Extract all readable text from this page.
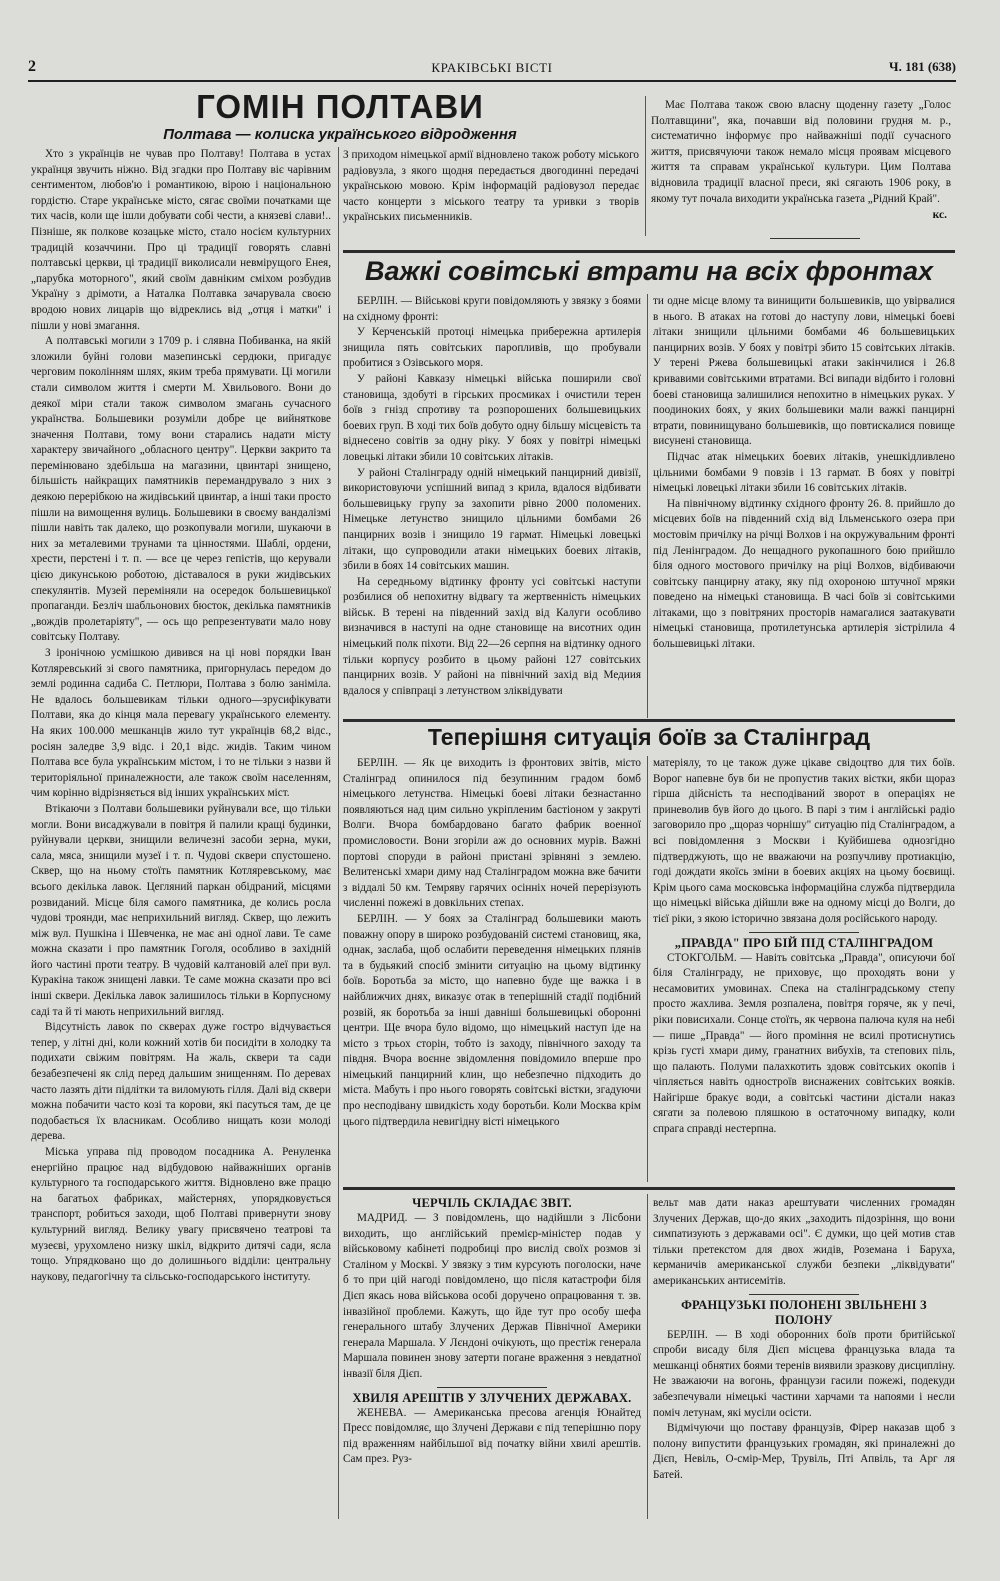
2	КРАКІВСЬКІ ВІСТІ	Ч. 181 (638)
ГОМІН ПОЛТАВИ
Полтава — колиска українського відродження

Хто з українців не чував про Полтаву! Полтава в устах українця звучить ніжно. Від згадки про Полтаву віє чарівним сентиментом, любов'ю і романтикою, вірою і національною гордістю. Старе українське місто, сягає своїми початками ще тих часів, коли ще ішли добувати собі чести, а князеві слави!.. Пізніше, як полкове козацьке місто, стало носієм культурних традицій козаччини. Про ці традиції говорять славні полтавські церкви, ці традиції виколисали невмірущого Енея, „парубка моторного", який своїм давніким сміхом розбудив Україну з дрімоти, а Наталка Полтавка зачарувала своєю вродою нових лицарів що відреклись від „отця і матки" і пішли у нові змагання.

А полтавські могили з 1709 р. і слявна Побиванка, на якій зложили буйні голови мазепинські сердюки, пригадує черговим поколінням шлях, яким треба прямувати. Ці могили стали символом життя і смерти М. Хвильового. Вони до деякої міри стали також символом змагань сучасного українства. Большевики розуміли добре це вийняткове значення Полтави, тому вони старались надати місту характеру звичайного „обласного центру". Церкви закрито та перемінювано здебільша на магазини, цвинтарі знищено, більшість найкращих памятників перемандрувало з них з деякою перерібкою на жидівський цвинтар, а інші таки просто пішли на вимощення вулиць. Большевики в своєму вандалізмі пішли навіть так далеко, що розкопували могили, шукаючи в них за металевими трунами та цінностями. Шаблі, ордени, хрести, перстені і т. п. — все це через гепістів, що керували цією дикунською роботою, діставалося в руки жидівських спекулянтів. Музей переміняли на осередок большевицької пропаганди. Безліч шабльонових бюсток, декілька памятників „вождів пролетаріяту", — ось що репрезентувати мало нову совітську Полтаву.

З іронічною усмішкою дивився на ці нові порядки Іван Котляревський зі свого памятника, пригорнулась передом до землі родинна садиба С. Петлюри, Полтава з болю заніміла. Не вдалось большевикам тільки одного—зрусифікувати Полтави, яка до кінця мала перевагу українського елементу. На яких 100.000 мешканців жило тут українців 68,2 відс., росіян заледве 3,9 відс. і 20,1 відс. жидів. Таким чином Полтава все була українським містом, і то не тільки з назви й територіяльної приналежности, але також своїм населенням, чим корінно відрізняється від інших українських міст.

Втікаючи з Полтави большевики руйнували все, що тільки могли. Вони висаджували в повітря й палили кращі будинки, руйнували церкви, знищили величезні засоби зерна, муки, сала, мяса, знищили музеї і т. п. Чудові сквери спустошено. Сквер, що на ньому стоїть памятник Котляревському, має всього декілька лавок. Цегляний паркан обідраний, місцями розвиданий. Місце біля самого памятника, де колись росла чудові троянди, має неприхильний вигляд. Сквер, що лежить між вул. Пушкіна і Шевченка, не має ані одної лави. Те саме можна сказати і про памятник Гоголя, особливо в західній його частині проти театру. В чудовій калтановій алеї при вул. Куракіна також знищені лавки. Те саме можна сказати про всі інші сквери. Декілька лавок залишилось тільки в Корпусному саді та й ті мають неприхильний вигляд.

Відсутність лавок по скверах дуже гостро відчувається тепер, у літні дні, коли кожний хотів би посидіти в холодку та подихати свіжим повітрям. На жаль, сквери та сади безабезпечені як слід перед дальшим знищенням. По деревах часто лазять діти підлітки та виломують гілля. Далі від сквери можна побачити часто козі та корови, які пасуться там, де це подобається їх власникам. Особливо нищать кози молоді дерева.

Міська управа під проводом посадника А. Ренуленка енергійно працює над відбудовою найважніших органів культурного та господарського життя. Відновлено вже працю на багатьох фабриках, майстернях, упорядковується транспорт, робиться заходи, щоб Полтаві привернути знову культурний вигляд. Велику увагу присвячено театрові та музеєві, урухомлено низку шкіл, відкрито дитячі сади, ясла тощо. Упрядковано що до долишнього відділи: центральну наукову, педагогічну та сільсько-господарського інституту.

З приходом німецької армії відновлено також роботу міського радіовузла, з якого щодня передається двогодинні передачі українською мовою. Крім інформацій радіовузол передає часто концерти з міського театру та уривки з творів українських письменників.

Має Полтава також свою власну щоденну газету „Голос Полтавщини", яка, почавши від половини грудня м. р., систематично інформує про найважніші події сучасного життя, присвячуючи також немало місця проявам місцевого життя та справам української культури. Цим Полтава відновила традиції власної преси, які сягають 1906 року, в якому тут почала виходити українська газета „Рідний Край".

кс.
Важкі совітські втрати на всіх фронтах

БЕРЛІН. — Військові круги повідомляють у звязку з боями на східному фронті:

У Керченській протоці німецька прибережна артилерія знищила пять совітських паропливів, що пробували пробитися з Озівського моря.

У районі Кавказу німецькі війська поширили свої становища, здобуті в гірських просмиках і очистили терен боїв з гнізд спротиву та розпорошених большевицьких боевих груп. В ході тих боїв добуто одну більшу місцевість та віднесено совітів за одну ріку. У боях у повітрі німецькі ловецькі літаки збили 10 совітських літаків.

У районі Сталінграду одній німецький панцирний дивізії, використовуючи успішний випад з крила, вдалося відбивати большевицьку групу за захопити рівно 2000 поломених. Німецьке летунство знищило цільними бомбами 26 панцирних возів і знищило 19 гармат. Німецькі ловецькі літаки, що супроводили атаки німецьких боевих літаків, збили в боях 14 совітських машин.

На середньому відтинку фронту усі совітські наступи розбилися об непохитну відвагу та жертвенність німецьких військ. В терені на південний захід від Калуги особливо визначився в наступі на одне становище на висотних один німецький полк піхоти. Від 22—26 серпня на відтинку одного тільки корпусу розбито в цьому районі 127 совітських панцирних возів. У районі на північний захід від Медиия вдалося у співпраці з летунством зліквідувати

ти одне місце влому та винищити большевиків, що увірвалися в нього. В атаках на готові до наступу лови, німецькі боеві літаки знищили цільними бомбами 46 большевицьких панцирних возів. У боях у повітрі збито 15 совітських літаків. У терені Ржева большевицькі атаки закінчилися і 26.8 кривавими совітськими втратами. Всі випади відбито і головні боеві становища залишилися непохитно в німецьких руках. У поодиноких боях, у яких большевики мали важкі панцирні втрати, повинищувано большевиків, що повтискалися повище висунені становища.

Підчас атак німецьких боевих літаків, унешкідливлено цільними бомбами 9 повзів і 13 гармат. В боях у повітрі німецькі ловецькі літаки збили 16 совітських літаків.

На північному відтинку східного фронту 26. 8. прийшло до місцевих боїв на південний схід від Ільменського озера при мостовім причілку на річці Волхов і на окружувальним фронті під Ленінградом. До нещадного рукопашного бою прийшло біля одного мостового причілку на ріці Волхов, відбиваючи совітську панцирну атаку, яку під охороною штучної мряки поведено на німецькі становища. В часі боїв зі совітськими літаками, що з повітряних просторів намагалися заатакувати німецькі становища, протилетунська артилерія зістрілила 4 большевицькі літаки.

Теперішня ситуація боїв за Сталінград

БЕРЛІН. — Як це виходить із фронтових звітів, місто Сталінград опинилося під безупинним градом бомб німецького летунства. Німецькі боеві літаки безнастанно появляються над цим сильно укріпленим бастіоном у закруті Волги. Вчора бомбардовано багато фабрик военної промисловости. Вони згоріли аж до основних мурів. Важні портові споруди в районі пристані зрівняні з землею. Велитенські хмари диму над Сталінградом можна вже бачити з віддалі 50 км. Темряву гарячих осінніх ночей перерізують численні пожежі в довкільних степах.

БЕРЛІН. — У боях за Сталінград большевики мають поважну опору в широко розбудованій системі становищ, яка, однак, заслаба, щоб ослабити переведення німецьких плянів та в будьякий спосіб змінити ситуацію на цьому відтинку боїв. Боротьба за місто, що напевно буде ще важка і в найближчих днях, виказує отак в теперішній стадії подібний розвій, як боротьба за інші давніші большевицькі оборонні центри. Ще вчора було відомо, що німецький наступ іде на місто з трьох сторін, тобто із заходу, північного заходу та півдня. Вчора воєнне звідомлення повідомило вперше про німецький панцирний клин, що небезпечно підходить до міста. Мабуть і про нього говорять совітські вістки, згадуючи про несподівану швидкість ходу боротьби. Коли Москва крім цього підтвердила невигідну вісті німецького

матеріялу, то це також дуже цікаве свідоцтво для тих боїв. Ворог напевне був би не пропустив таких вістки, якби щораз гірша дійсність та несподіваний зворот в операціях не приневолив був його до цього. В парі з тим і англійські радіо заговорило про „щораз чорнішу" ситуацію під Сталінградом, а всі повідомлення з Москви і Куйбишева однозгідно підтверджують, що не вважаючи на розпучливу протиакцію, годі дождати якоїсь зміни в боевих акціях на цьому боєвищі. Крім цього сама московська інформаційна служба підтвердила що німецькі війська дійшли вже на одному місці до Волги, до тієї ріки, з якою історично звязана доля російського народу.

„ПРАВДА" ПРО БІЙ ПІД СТАЛІНГРАДОМ

СТОКГОЛЬМ. — Навіть совітська „Правда", описуючи бої біля Сталінграду, не приховує, що проходять вони у несамовитих умовинах. Спека на сталінградському степу просто жахлива. Земля розпалена, повітря горяче, як у печі, ріки повисихали. Сонце стоїть, як червона палюча куля на небі — пише „Правда" — його проміння не всилі протиснутись крізь густі хмари диму, гранатних вибухів, та степових піль, що палають. Полуми палахкотить здовж совітських окопів і чіпляється навіть одностроїв виснажених совітських вояків. Найгірше бракує води, а совітські частини дістали наказ сягати за полевою пляшкою в остаточному випадку, коли спрага справді нестерпна.

ЧЕРЧІЛЬ СКЛАДАЄ ЗВІТ.

МАДРИД. — З повідомлень, що надійшли з Лісбони виходить, що англійський премієр-міністер подав у військовому кабінеті подробиці про вислід своїх розмов зі Сталіном у Москві. У звязку з тим курсують поголоски, наче б то при цій нагоді повідомлено, що після катастрофи біля Дієп якась нова військова особі доручено опрацювання т. зв. інвазійної проблеми. Кажуть, що йде тут про особу шефа генерального штабу Злучених Держав Північної Америки генерала Маршала. У Лєндоні очікують, що престіж генерала Маршала повинен знову затерти погане враження з невдатної інвазії біля Дієп.

ХВИЛЯ АРЕШТІВ У ЗЛУЧЕНИХ ДЕРЖАВАХ.

ЖЕНЕВА. — Американська пресова агенція Юнайтед Пресс повідомляє, що Злучені Держави є під теперішню пору під враженням найбільшої від початку війни хвилі арештів. Сам през. Руз-

вельт мав дати наказ арештувати численних громадян Злучених Держав, що-до яких „заходить підозріння, що вони симпатизують з державами осі". Є думки, що цей мотив став тільки претекстом для двох жидів, Роземана і Баруха, керманичів американської служби безпеки „ліквідувати" американських антисемітів.

ФРАНЦУЗЬКІ ПОЛОНЕНІ ЗВІЛЬНЕНІ З ПОЛОНУ

БЕРЛІН. — В ході оборонних боїв проти бритійської спроби висаду біля Дієп місцева французька влада та мешканці обнятих боями теренів виявили зразкову дисципліну. Не зважаючи на вогонь, французи гасили пожежі, подекуди забезпечували німецькі частини харчами та напоями і несли поміч летунам, які мусіли осісти.

Відмічуючи що поставу французів, Фірер наказав щоб з полону випустити французьких громадян, які приналежні до Дієп, Невіль, О-смір-Мер, Трувіль, Пті Апвіль, та Арг ля Батей.
